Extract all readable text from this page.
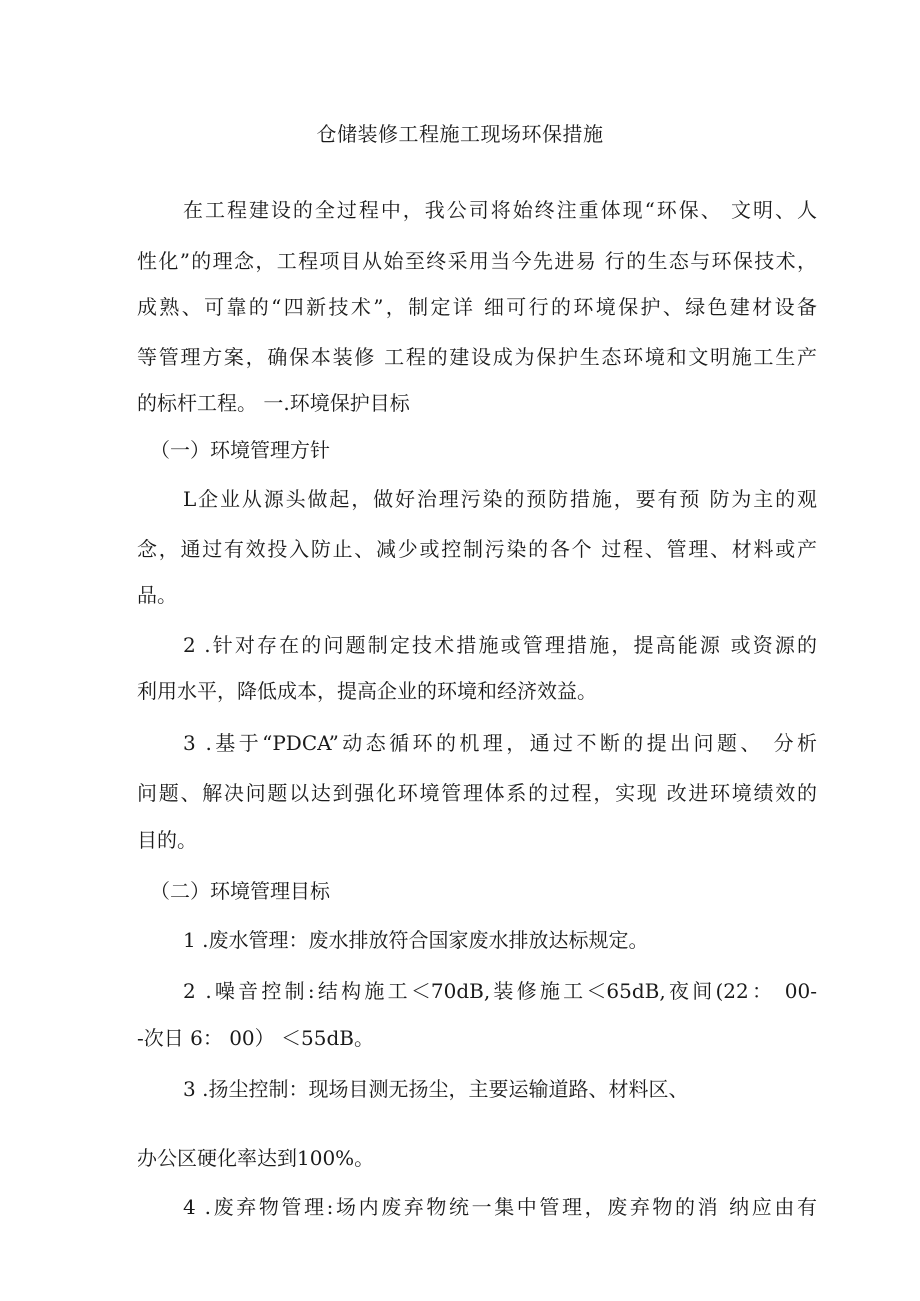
仓储装修工程施工现场环保措施
在工程建设的全过程中，我公司将始终注重体现“环保、 文明、人
性化”的理念，工程项目从始至终采用当今先进易 行的生态与环保技术，
成熟、可靠的“四新技术”，制定详 细可行的环境保护、绿色建材设备
等管理方案，确保本装修 工程的建设成为保护生态环境和文明施工生产
的标杆工程。 一.环境保护目标
（一）环境管理方针
L企业从源头做起，做好治理污染的预防措施，要有预 防为主的观
念，通过有效投入防止、减少或控制污染的各个 过程、管理、材料或产
品。
2 .针对存在的问题制定技术措施或管理措施，提高能源 或资源的
利用水平，降低成本，提高企业的环境和经济效益。
3 .基于“PDCA”动态循环的机理，通过不断的提出问题、 分析
问题、解决问题以达到强化环境管理体系的过程，实现 改进环境绩效的
目的。
（二）环境管理目标
1 .废水管理：废水排放符合国家废水排放达标规定。
2 .噪音控制:结构施工＜70dB,装修施工＜65dB,夜间(22： 00-
-次日 6： 00） ＜55dB。
3 .扬尘控制：现场目测无扬尘，主要运输道路、材料区、
办公区硬化率达到100%。
4 .废弃物管理:场内废弃物统一集中管理，废弃物的消 纳应由有
